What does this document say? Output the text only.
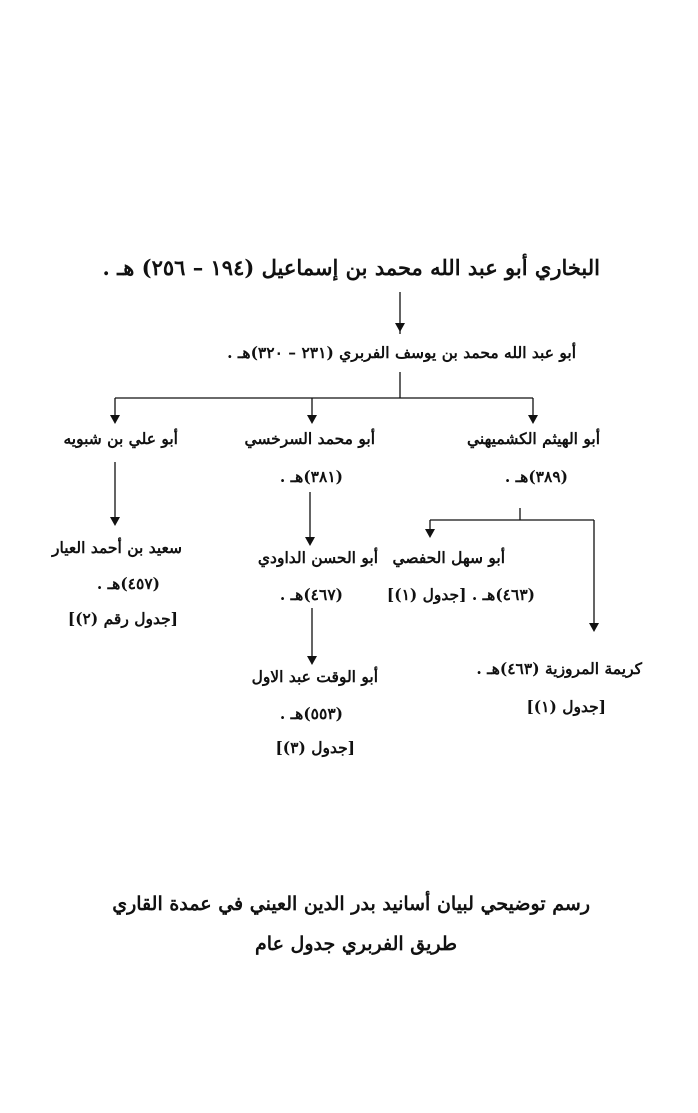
البخاري أبو عبد الله محمد بن إسماعيل (١٩٤ – ٢٥٦) هـ .
أبو عبد الله محمد بن يوسف الفربري (٢٣١ – ٣٢٠)هـ .
أبو الهيثم الكشميهني
(٣٨٩)هـ .
أبو محمد السرخسي
(٣٨١)هـ .
أبو علي بن شبويه
أبو سهل الحفصي
(٤٦٣)هـ . [جدول (١)]
كريمة المروزية (٤٦٣)هـ .
[جدول (١)]
أبو الحسن الداودي
(٤٦٧)هـ .
سعيد بن أحمد العيار
(٤٥٧)هـ .
[جدول رقم (٢)]
أبو الوقت عبد الاول
(٥٥٣)هـ .
[جدول (٣)]
رسم توضيحي لبيان أسانيد بدر الدين العيني في عمدة القاري
طريق الفربري جدول عام
